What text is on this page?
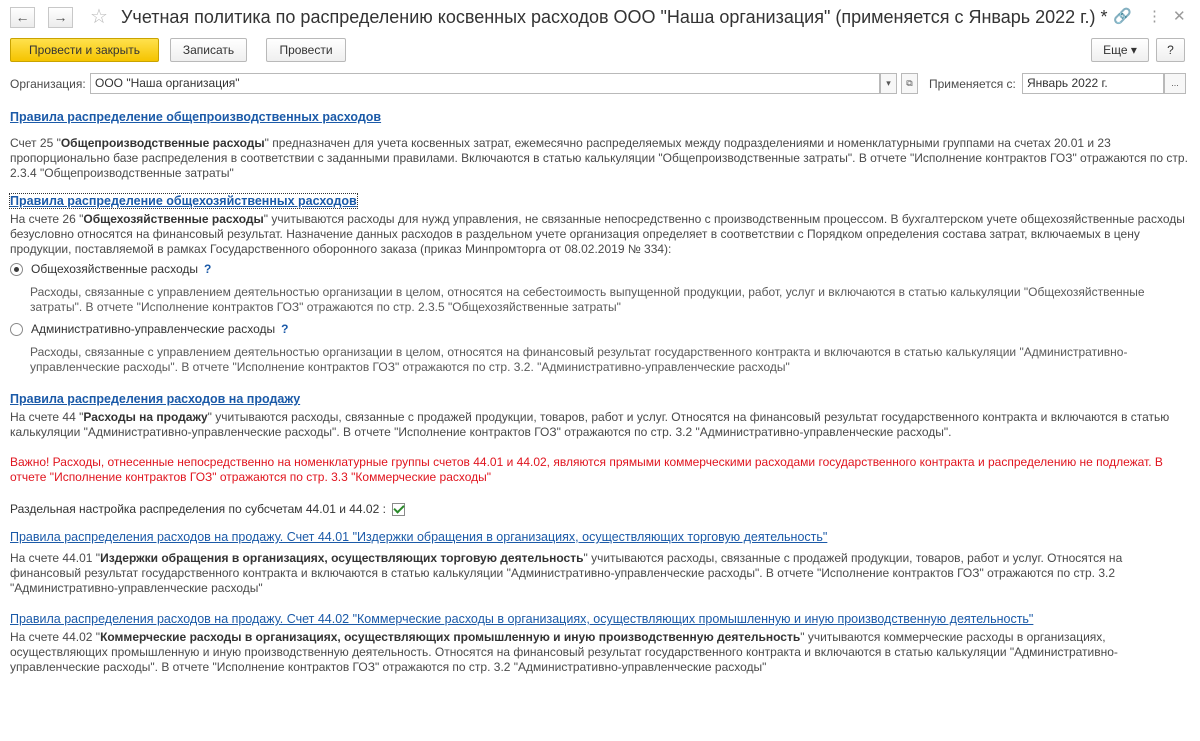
←	→ ☆ Учетная политика по распределению косвенных расходов ООО "Наша организация" (применяется с Январь 2022 г.) * 🔗 ⋮ ✕
Провести и закрыть	Записать	Провести	Еще ▾	?
Организация: ООО "Наша организация"	▾	⧉	Применяется с: Январь 2022 г.	...
Правила распределение общепроизводственных расходов

Счет 25 "Общепроизводственные расходы" предназначен для учета косвенных затрат, ежемесячно распределяемых между подразделениями и номенклатурными группами на счетах 20.01 и 23 пропорционально базе распределения в соответствии с заданными правилами. Включаются в статью калькуляции "Общепроизводственные затраты". В отчете "Исполнение контрактов ГОЗ" отражаются по стр. 2.3.4 "Общепроизводственные затраты"

Правила распределение общехозяйственных расходов

На счете 26 "Общехозяйственные расходы" учитываются расходы для нужд управления, не связанные непосредственно с производственным процессом. В бухгалтерском учете общехозяйственные расходы безусловно относятся на финансовый результат. Назначение данных расходов в раздельном учете организация определяет в соответствии с Порядком определения состава затрат, включаемых в цену продукции, поставляемой в рамках Государственного оборонного заказа (приказ Минпромторга от 08.02.2019 № 334):

Общехозяйственные расходы ?

Расходы, связанные с управлением деятельностью организации в целом, относятся на себестоимость выпущенной продукции, работ, услуг и включаются в статью калькуляции "Общехозяйственные затраты". В отчете "Исполнение контрактов ГОЗ" отражаются по стр. 2.3.5 "Общехозяйственные затраты"

Административно-управленческие расходы ?

Расходы, связанные с управлением деятельностью организации в целом, относятся на финансовый результат государственного контракта и включаются в статью калькуляции "Административно-управленческие расходы". В отчете "Исполнение контрактов ГОЗ" отражаются по стр. 3.2. "Административно-управленческие расходы"

Правила распределения расходов на продажу

На счете 44 "Расходы на продажу" учитываются расходы, связанные с продажей продукции, товаров, работ и услуг. Относятся на финансовый результат государственного контракта и включаются в статью калькуляции "Административно-управленческие расходы". В отчете "Исполнение контрактов ГОЗ" отражаются по стр. 3.2 "Административно-управленческие расходы".

Важно! Расходы, отнесенные непосредственно на номенклатурные группы счетов 44.01 и 44.02, являются прямыми коммерческими расходами государственного контракта и распределению не подлежат. В отчете "Исполнение контрактов ГОЗ" отражаются по стр. 3.3 "Коммерческие расходы"

Раздельная настройка распределения по субсчетам 44.01 и 44.02 :
Правила распределения расходов на продажу. Счет 44.01 "Издержки обращения в организациях, осуществляющих торговую деятельность"

На счете 44.01 "Издержки обращения в организациях, осуществляющих торговую деятельность" учитываются расходы, связанные с продажей продукции, товаров, работ и услуг. Относятся на финансовый результат государственного контракта и включаются в статью калькуляции "Административно-управленческие расходы". В отчете "Исполнение контрактов ГОЗ" отражаются по стр. 3.2 "Административно-управленческие расходы"

Правила распределения расходов на продажу. Счет 44.02 "Коммерческие расходы в организациях, осуществляющих промышленную и иную производственную деятельность"

На счете 44.02 "Коммерческие расходы в организациях, осуществляющих промышленную и иную производственную деятельность" учитываются коммерческие расходы в организациях, осуществляющих промышленную и иную производственную деятельность. Относятся на финансовый результат государственного контракта и включаются в статью калькуляции "Административно-управленческие расходы". В отчете "Исполнение контрактов ГОЗ" отражаются по стр. 3.2 "Административно-управленческие расходы"
